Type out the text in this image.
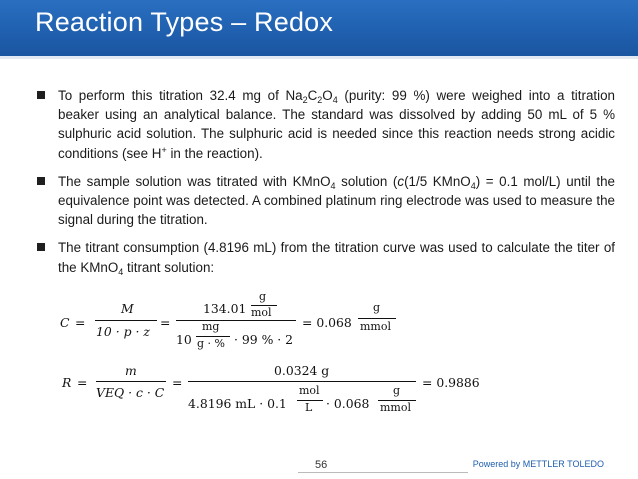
Reaction Types – Redox
To perform this titration 32.4 mg of $Na_2C_2O_4$ (purity: 99 %) were weighed into a titration beaker using an analytical balance. The standard was dissolved by adding 50 mL of 5 % sulphuric acid solution. The sulphuric acid is needed since this reaction needs strong acidic conditions (see H+ in the reaction).
The sample solution was titrated with KMnO$_4$ solution (c(1/5 KMnO$_4$) = 0.1 mol/L) until the equivalence point was detected. A combined platinum ring electrode was used to measure the signal during the titration.
The titrant consumption (4.8196 mL) from the titration curve was used to calculate the titer of the KMnO$_4$ titrant solution:
C =
M
10 · p · z
=
134.01
g
mol
10
mg
g · % · 99 % · 2
= 0.068
g
mmol
R =
m
VEQ · c · C
=
0.0324 g
4.8196 mL · 0.1
mol
L · 0.068
g
mmol
= 0.9886
56	Powered by METTLER TOLEDO
